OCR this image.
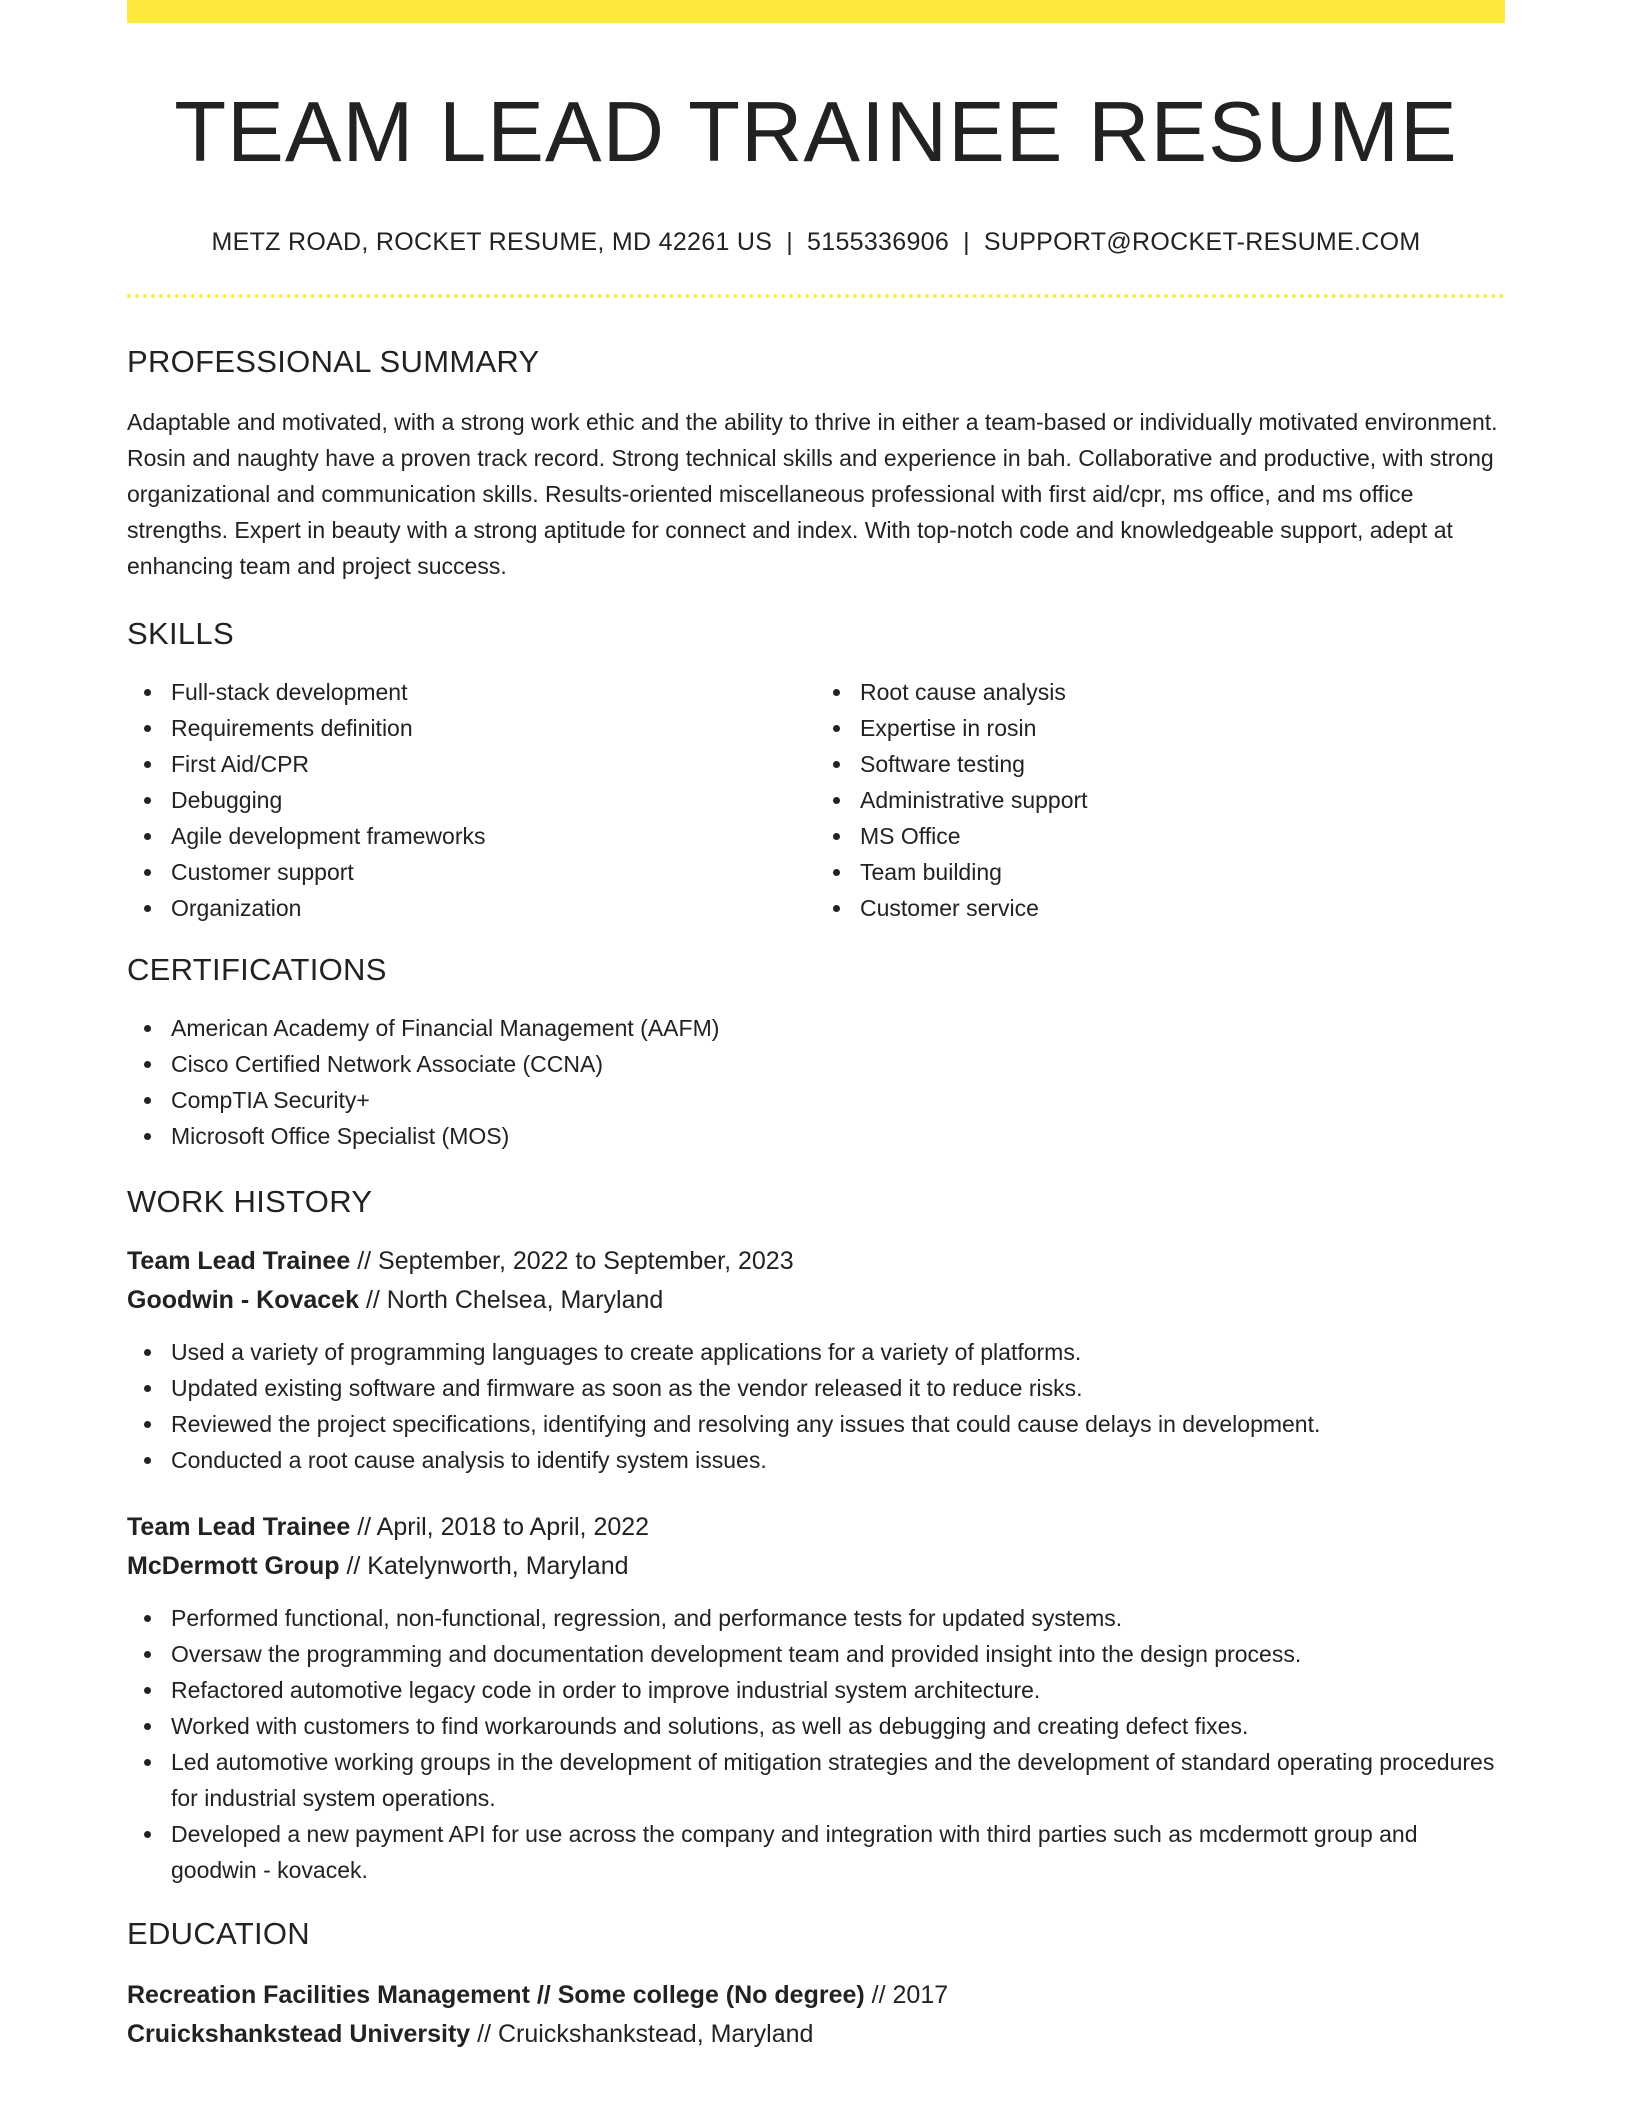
TEAM LEAD TRAINEE RESUME
METZ ROAD, ROCKET RESUME, MD 42261 US | 5155336906 | SUPPORT@ROCKET-RESUME.COM
PROFESSIONAL SUMMARY

Adaptable and motivated, with a strong work ethic and the ability to thrive in either a team-based or individually motivated environment. Rosin and naughty have a proven track record. Strong technical skills and experience in bah. Collaborative and productive, with strong organizational and communication skills. Results-oriented miscellaneous professional with first aid/cpr, ms office, and ms office strengths. Expert in beauty with a strong aptitude for connect and index. With top-notch code and knowledgeable support, adept at enhancing team and project success.

SKILLS
Full-stack development
Requirements definition
First Aid/CPR
Debugging
Agile development frameworks
Customer support
Organization
Root cause analysis
Expertise in rosin
Software testing
Administrative support
MS Office
Team building
Customer service
CERTIFICATIONS
American Academy of Financial Management (AAFM)
Cisco Certified Network Associate (CCNA)
CompTIA Security+
Microsoft Office Specialist (MOS)
WORK HISTORY
Team Lead Trainee // September, 2022 to September, 2023
Goodwin - Kovacek // North Chelsea, Maryland
Used a variety of programming languages to create applications for a variety of platforms.
Updated existing software and firmware as soon as the vendor released it to reduce risks.
Reviewed the project specifications, identifying and resolving any issues that could cause delays in development.
Conducted a root cause analysis to identify system issues.
Team Lead Trainee // April, 2018 to April, 2022
McDermott Group // Katelynworth, Maryland
Performed functional, non-functional, regression, and performance tests for updated systems.
Oversaw the programming and documentation development team and provided insight into the design process.
Refactored automotive legacy code in order to improve industrial system architecture.
Worked with customers to find workarounds and solutions, as well as debugging and creating defect fixes.
Led automotive working groups in the development of mitigation strategies and the development of standard operating procedures for industrial system operations.
Developed a new payment API for use across the company and integration with third parties such as mcdermott group and goodwin - kovacek.
EDUCATION
Recreation Facilities Management // Some college (No degree) // 2017
Cruickshankstead University // Cruickshankstead, Maryland
